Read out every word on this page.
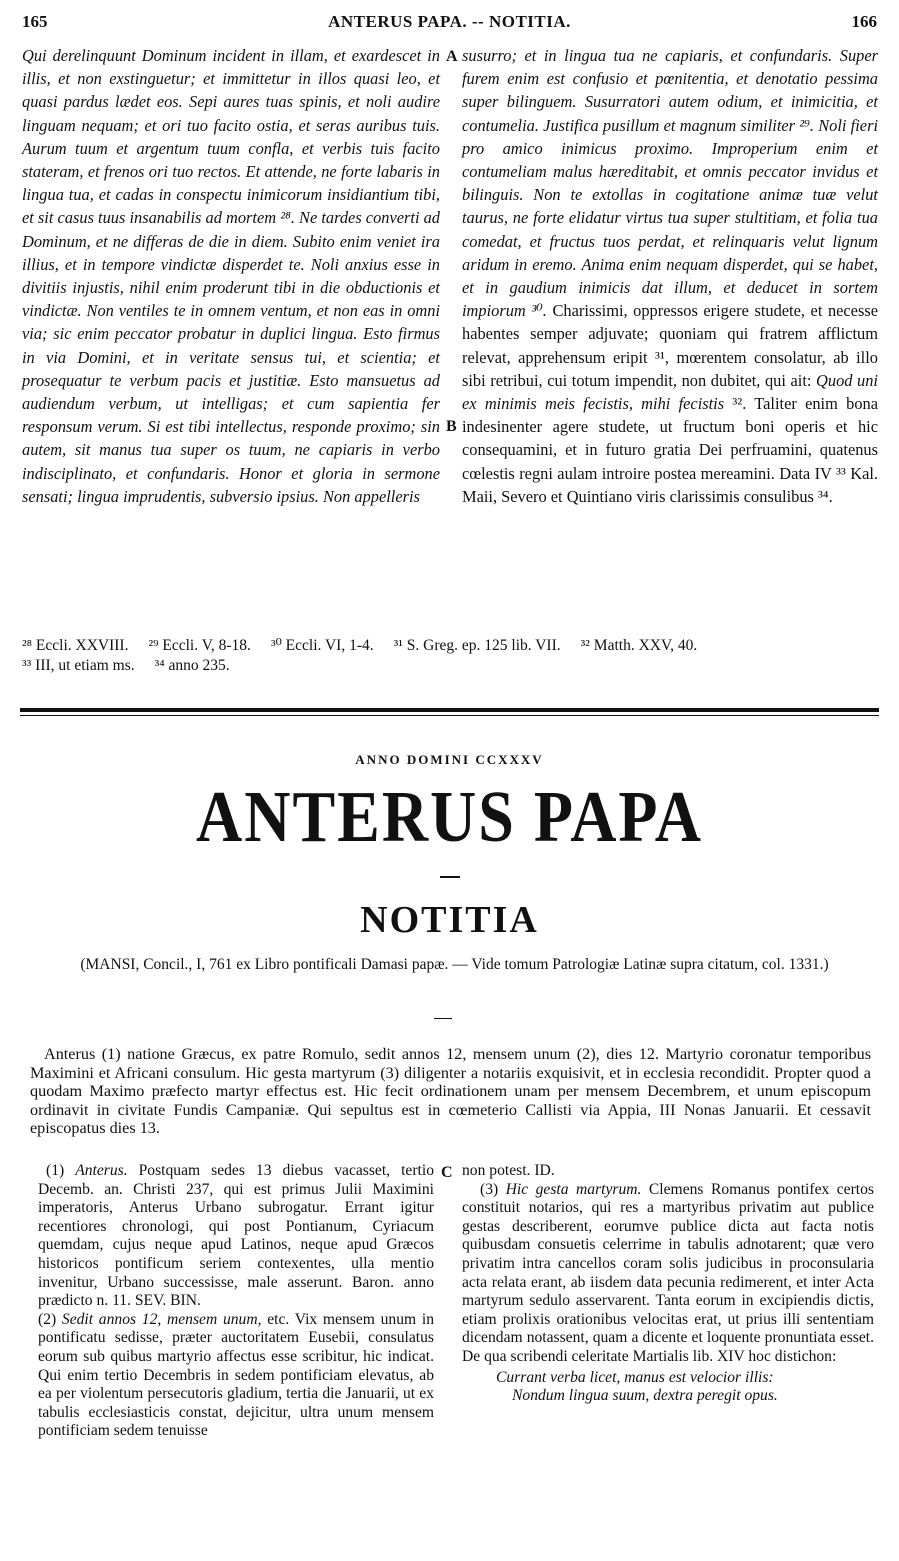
165	ANTERUS PAPA. -- NOTITIA.	166

Qui derelinquunt Dominum incident in illam, et exardescet in illis, et non exstinguetur; et immittetur in illos quasi leo, et quasi pardus lædet eos. Sepi aures tuas spinis, et noli audire linguam nequam; et ori tuo facito ostia, et seras auribus tuis. Aurum tuum et argentum tuum confla, et verbis tuis facito stateram, et frenos ori tuo rectos. Et attende, ne forte labaris in lingua tua, et cadas in conspectu inimicorum insidiantium tibi, et sit casus tuus insanabilis ad mortem ²⁸. Ne tardes converti ad Dominum, et ne differas de die in diem. Subito enim veniet ira illius, et in tempore vindictæ disperdet te. Noli anxius esse in divitiis injustis, nihil enim proderunt tibi in die obductionis et vindictæ. Non ventiles te in omnem ventum, et non eas in omni via; sic enim peccator probatur in duplici lingua. Esto firmus in via Domini, et in veritate sensus tui, et scientia; et prosequatur te verbum pacis et justitiæ. Esto mansuetus ad audiendum verbum, ut intelligas; et cum sapientia fer responsum verum. Si est tibi intellectus, responde proximo; sin autem, sit manus tua super os tuum, ne capiaris in verbo indisciplinato, et confundaris. Honor et gloria in sermone sensati; lingua imprudentis, subversio ipsius. Non appelleris

A
B

susurro; et in lingua tua ne capiaris, et confundaris. Super furem enim est confusio et pœnitentia, et denotatio pessima super bilinguem. Susurratori autem odium, et inimicitia, et contumelia. Justifica pusillum et magnum similiter ²⁹. Noli fieri pro amico inimicus proximo. Improperium enim et contumeliam malus hæreditabit, et omnis peccator invidus et bilinguis. Non te extollas in cogitatione animæ tuæ velut taurus, ne forte elidatur virtus tua super stultitiam, et folia tua comedat, et fructus tuos perdat, et relinquaris velut lignum aridum in eremo. Anima enim nequam disperdet, qui se habet, et in gaudium inimicis dat illum, et deducet in sortem impiorum ³⁰. Charissimi, oppressos erigere studete, et necesse habentes semper adjuvate; quoniam qui fratrem afflictum relevat, apprehensum eripit ³¹, mœrentem consolatur, ab illo sibi retribui, cui totum impendit, non dubitet, qui ait: Quod uni ex minimis meis fecistis, mihi fecistis ³². Taliter enim bona indesinenter agere studete, ut fructum boni operis et hic consequamini, et in futuro gratia Dei perfruamini, quatenus cœlestis regni aulam introire postea mereamini. Data IV ³³ Kal. Maii, Severo et Quintiano viris clarissimis consulibus ³⁴.

²⁸ Eccli. XXVIII. ²⁹ Eccli. V, 8-18. ³⁰ Eccli. VI, 1-4. ³¹ S. Greg. ep. 125 lib. VII. ³² Matth. XXV, 40.
³³ III, ut etiam ms. ³⁴ anno 235.
ANNO DOMINI CCXXXV
ANTERUS PAPA
NOTITIA
(MANSI, Concil., I, 761 ex Libro pontificali Damasi papæ. — Vide tomum Patrologiæ Latinæ supra citatum, col. 1331.)
Anterus (1) natione Græcus, ex patre Romulo, sedit annos 12, mensem unum (2), dies 12. Martyrio coronatur temporibus Maximini et Africani consulum. Hic gesta martyrum (3) diligenter a notariis exquisivit, et in ecclesia recondidit. Propter quod a quodam Maximo præfecto martyr effectus est. Hic fecit ordinationem unam per mensem Decembrem, et unum episcopum ordinavit in civitate Fundis Campaniæ. Qui sepultus est in cœmeterio Callisti via Appia, III Nonas Januarii. Et cessavit episcopatus dies 13.

(1) Anterus. Postquam sedes 13 diebus vacasset, tertio Decemb. an. Christi 237, qui est primus Julii Maximini imperatoris, Anterus Urbano subrogatur. Errant igitur recentiores chronologi, qui post Pontianum, Cyriacum quemdam, cujus neque apud Latinos, neque apud Græcos historicos pontificum seriem contexentes, ulla mentio invenitur, Urbano successisse, male asserunt. Baron. anno prædicto n. 11. SEV. BIN.

(2) Sedit annos 12, mensem unum, etc. Vix mensem unum in pontificatu sedisse, præter auctoritatem Eusebii, consulatus eorum sub quibus martyrio affectus esse scribitur, hic indicat. Qui enim tertio Decembris in sedem pontificiam elevatus, ab ea per violentum persecutoris gladium, tertia die Januarii, ut ex tabulis ecclesiasticis constat, dejicitur, ultra unum mensem pontificiam sedem tenuisse

C non potest. ID.

(3) Hic gesta martyrum. Clemens Romanus pontifex certos constituit notarios, qui res a martyribus privatim aut publice gestas describerent, eorumve publice dicta aut facta notis quibusdam consuetis celerrime in tabulis adnotarent; quæ vero privatim intra cancellos coram solis judicibus in proconsularia acta relata erant, ab iisdem data pecunia redimerent, et inter Acta martyrum sedulo asservarent. Tanta eorum in excipiendis dictis, etiam prolixis orationibus velocitas erat, ut prius illi sententiam dicendam notassent, quam a dicente et loquente pronuntiata esset. De qua scribendi celeritate Martialis lib. XIV hoc distichon:

Currant verba licet, manus est velocior illis:
Nondum lingua suum, dextra peregit opus.
